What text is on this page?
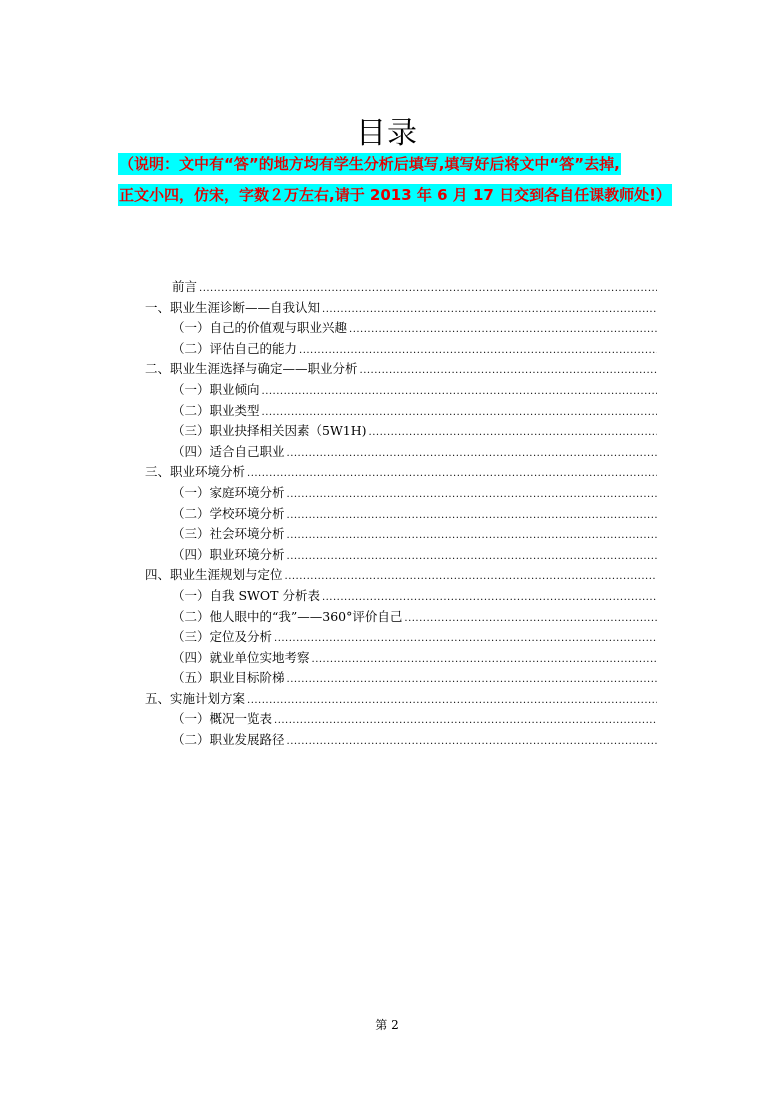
目录
（说明：文中有“答”的地方均有学生分析后填写,填写好后将文中“答”去掉,
正文小四，仿宋，字数２万左右,请于 2013 年 6 月 17 日交到各自任课教师处!）
前言
.....
一、职业生涯诊断——自我认知
.....
（一）自己的价值观与职业兴趣
.....
（二）评估自己的能力
.....
二、职业生涯选择与确定——职业分析
.....
（一）职业倾向
.....
（二）职业类型
.....
（三）职业抉择相关因素（5W1H)
.....
（四）适合自己职业
.....
三、职业环境分析
.....
（一）家庭环境分析
.....
（二）学校环境分析
.....
（三）社会环境分析
.....
（四）职业环境分析
.....
四、职业生涯规划与定位
.....
（一）自我 SWOT 分析表
.....
（二）他人眼中的“我”——360°评价自己
.....
（三）定位及分析
.....
（四）就业单位实地考察
.....
（五）职业目标阶梯
.....
五、实施计划方案
.....
（一）概况一览表
.....
（二）职业发展路径
.....
第 2
